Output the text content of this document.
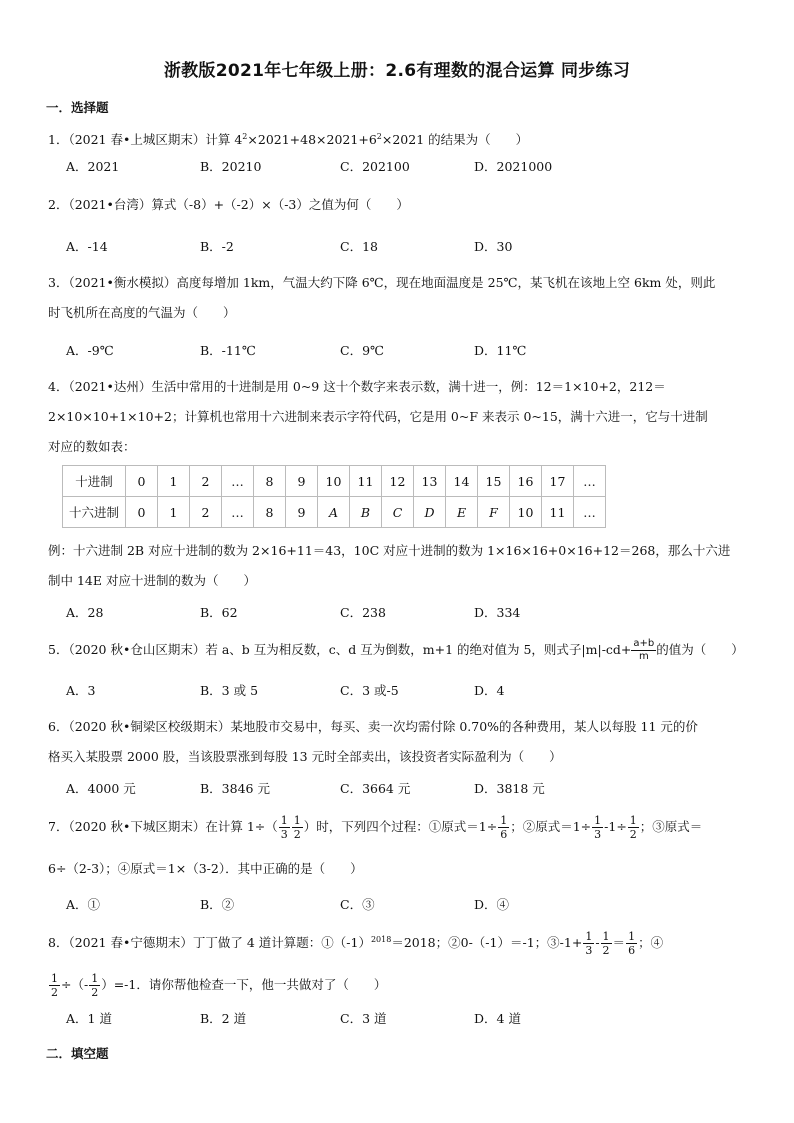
浙教版2021年七年级上册：2.6有理数的混合运算 同步练习
一．选择题
1．（2021 春•上城区期末）计算 $4^2\times 2021+48\times 2021+6^2\times 2021$ 的结果为（　　）
A．2021	B．20210	C．202100	D．2021000
2．（2021•台湾）算式（-8）+（-2）×（-3）之值为何（　　）
A．-14	B．-2	C．18	D．30
3．（2021•衡水模拟）高度每增加 1km，气温大约下降 6℃，现在地面温度是 25℃，某飞机在该地上空 6km 处，则此
时飞机所在高度的气温为（　　）
A．-9℃	B．-11℃	C．9℃	D．11℃
4．（2021•达州）生活中常用的十进制是用 0~9 这十个数字来表示数，满十进一，例：12＝1×10+2，212＝
2×10×10+1×10+2；计算机也常用十六进制来表示字符代码，它是用 0~F 来表示 0~15，满十六进一，它与十进制
对应的数如表：
十进制	0	1	2	…	8	9	10	11	12	13	14	15	16	17	…
十六进制	0	1	2	…	8	9	A	B	C	D	E	F	10	11	…
例：十六进制 2B 对应十进制的数为 2×16+11＝43，10C 对应十进制的数为 1×16×16+0×16+12＝268，那么十六进
制中 14E 对应十进制的数为（　　）
A．28	B．62	C．238	D．334
5．（2020 秋•仓山区期末）若 a、b 互为相反数，c、d 互为倒数，m+1 的绝对值为 5，则式子$|m|-cd+ \frac{a+b}{m}$ 的值为（　　）
A．3	B．3 或 5	C．3 或-5	D．4
6．（2020 秋•铜梁区校级期末）某地股市交易中，每买、卖一次均需付除 0.70%的各种费用，某人以每股 11 元的价
格买入某股票 2000 股，当该股票涨到每股 13 元时全部卖出，该投资者实际盈利为（　　）
A．4000 元	B．3846 元	C．3664 元	D．3818 元
7．（2020 秋•下城区期末）在计算 $1\div( \frac{1}{3} \frac{1}{2}$ ）时，下列四个过程：①原式$=1\div \frac{1}{6}$ ；②原式$=1\div \frac{1}{3} -1\div \frac{1}{2}$ ；③原式＝
6÷（2-3）；④原式＝1×（3-2）．其中正确的是（　　）
A．①	B．②	C．③	D．④
8．（2021 春•宁德期末）丁丁做了 4 道计算题：$①(-1)^{2018}=2018$；②0-（-1）＝-1；③-1+ $\frac{1}{3} - \frac{1}{2} = \frac{1}{6}$ ；④
$\frac{1}{2}$ ÷（- $\frac{1}{2} )=-1$．请你帮他检查一下，他一共做对了（　　）
A．1 道	B．2 道	C．3 道	D．4 道
二．填空题
